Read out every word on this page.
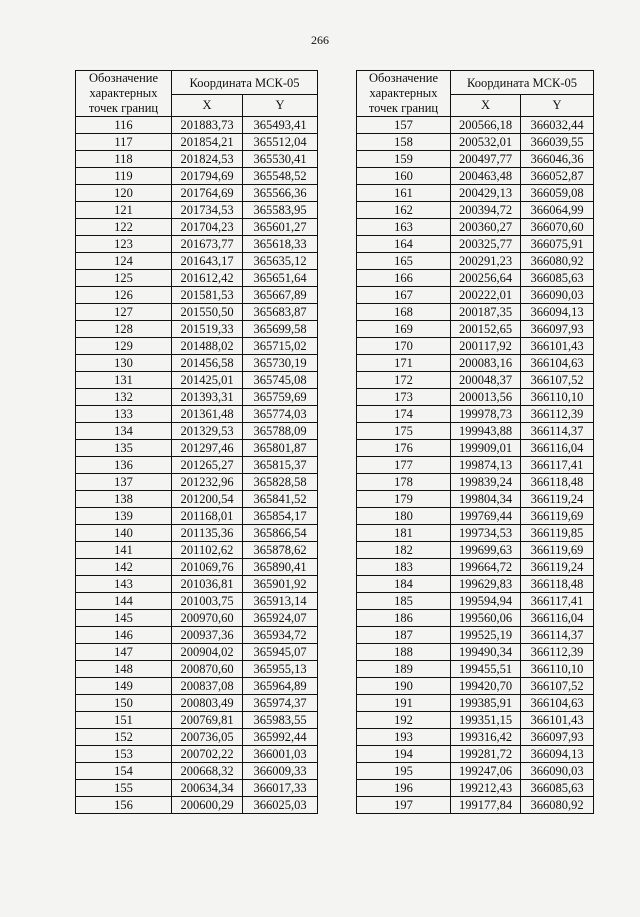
266
Обозначение характерных точек границ	Координата МСК-05	
	X	Y
116	201883,73	365493,41
117	201854,21	365512,04
118	201824,53	365530,41
119	201794,69	365548,52
120	201764,69	365566,36
121	201734,53	365583,95
122	201704,23	365601,27
123	201673,77	365618,33
124	201643,17	365635,12
125	201612,42	365651,64
126	201581,53	365667,89
127	201550,50	365683,87
128	201519,33	365699,58
129	201488,02	365715,02
130	201456,58	365730,19
131	201425,01	365745,08
132	201393,31	365759,69
133	201361,48	365774,03
134	201329,53	365788,09
135	201297,46	365801,87
136	201265,27	365815,37
137	201232,96	365828,58
138	201200,54	365841,52
139	201168,01	365854,17
140	201135,36	365866,54
141	201102,62	365878,62
142	201069,76	365890,41
143	201036,81	365901,92
144	201003,75	365913,14
145	200970,60	365924,07
146	200937,36	365934,72
147	200904,02	365945,07
148	200870,60	365955,13
149	200837,08	365964,89
150	200803,49	365974,37
151	200769,81	365983,55
152	200736,05	365992,44
153	200702,22	366001,03
154	200668,32	366009,33
155	200634,34	366017,33
156	200600,29	366025,03
Обозначение характерных точек границ	Координата МСК-05	
	X	Y
157	200566,18	366032,44
158	200532,01	366039,55
159	200497,77	366046,36
160	200463,48	366052,87
161	200429,13	366059,08
162	200394,72	366064,99
163	200360,27	366070,60
164	200325,77	366075,91
165	200291,23	366080,92
166	200256,64	366085,63
167	200222,01	366090,03
168	200187,35	366094,13
169	200152,65	366097,93
170	200117,92	366101,43
171	200083,16	366104,63
172	200048,37	366107,52
173	200013,56	366110,10
174	199978,73	366112,39
175	199943,88	366114,37
176	199909,01	366116,04
177	199874,13	366117,41
178	199839,24	366118,48
179	199804,34	366119,24
180	199769,44	366119,69
181	199734,53	366119,85
182	199699,63	366119,69
183	199664,72	366119,24
184	199629,83	366118,48
185	199594,94	366117,41
186	199560,06	366116,04
187	199525,19	366114,37
188	199490,34	366112,39
189	199455,51	366110,10
190	199420,70	366107,52
191	199385,91	366104,63
192	199351,15	366101,43
193	199316,42	366097,93
194	199281,72	366094,13
195	199247,06	366090,03
196	199212,43	366085,63
197	199177,84	366080,92
